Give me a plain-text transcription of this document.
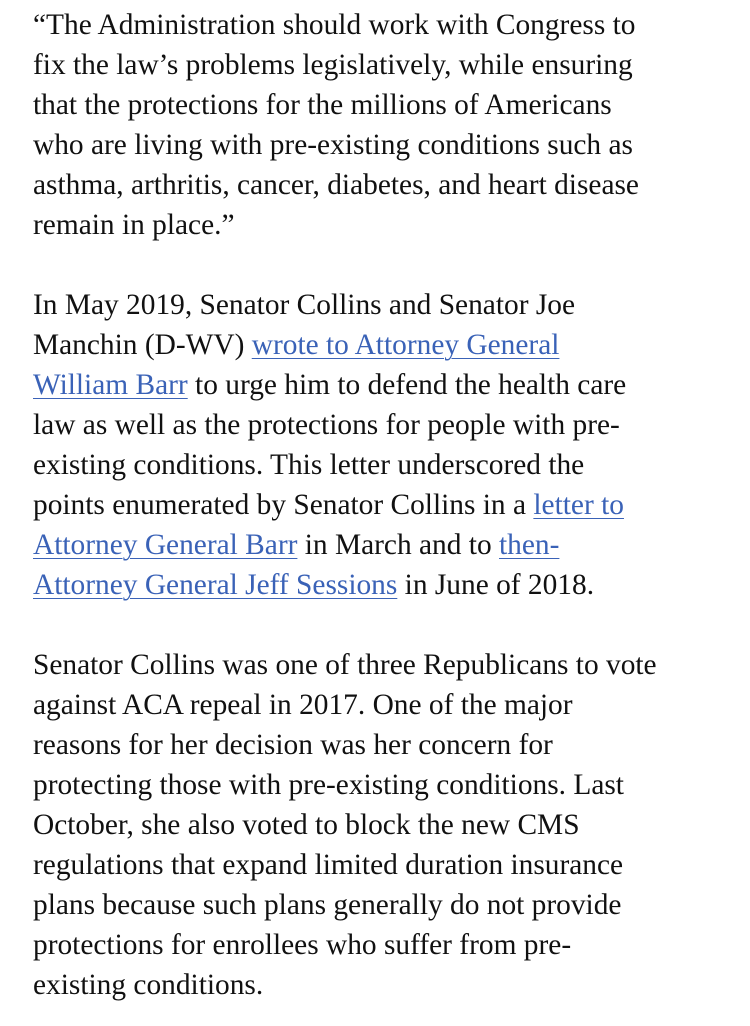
“The Administration should work with Congress to
fix the law’s problems legislatively, while ensuring
that the protections for the millions of Americans
who are living with pre-existing conditions such as
asthma, arthritis, cancer, diabetes, and heart disease
remain in place.”
In May 2019, Senator Collins and Senator Joe
Manchin (D-WV) wrote to Attorney General
William Barr to urge him to defend the health care
law as well as the protections for people with pre-
existing conditions. This letter underscored the
points enumerated by Senator Collins in a letter to
Attorney General Barr in March and to then-
Attorney General Jeff Sessions in June of 2018.
Senator Collins was one of three Republicans to vote
against ACA repeal in 2017. One of the major
reasons for her decision was her concern for
protecting those with pre-existing conditions. Last
October, she also voted to block the new CMS
regulations that expand limited duration insurance
plans because such plans generally do not provide
protections for enrollees who suffer from pre-
existing conditions.
